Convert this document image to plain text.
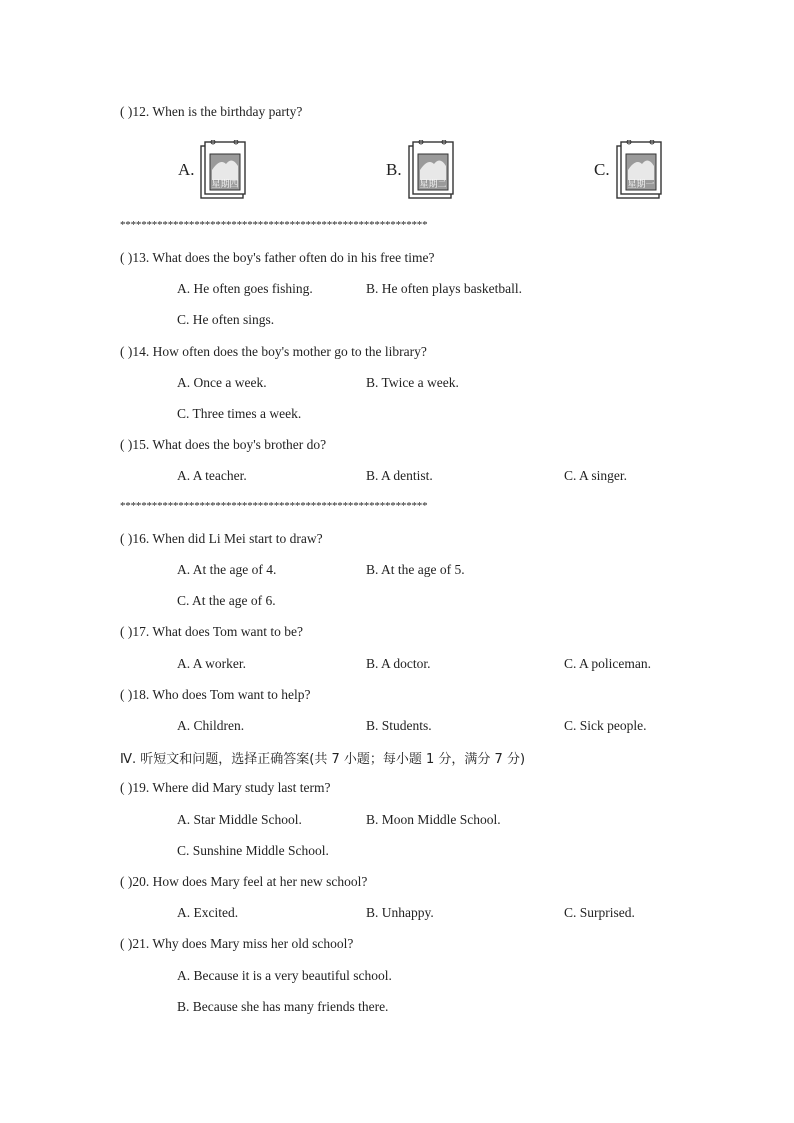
( )12. When is the birthday party?
A.
星期四
B.
星期二
C.
星期一
**********************************************************
( )13. What does the boy's father often do in his free time?
A. He often goes fishing.	B. He often plays basketball.
C. He often sings.
( )14. How often does the boy's mother go to the library?
A. Once a week.	B. Twice a week.
C. Three times a week.
( )15. What does the boy's brother do?
A. A teacher.	B. A dentist.	C. A singer.
**********************************************************
( )16. When did Li Mei start to draw?
A. At the age of 4.	B. At the age of 5.
C. At the age of 6.
( )17. What does Tom want to be?
A. A worker.	B. A doctor.	C. A policeman.
( )18. Who does Tom want to help?
A. Children.	B. Students.	C. Sick people.
Ⅳ. 听短文和问题，选择正确答案(共 7 小题；每小题 1 分，满分 7 分)
( )19. Where did Mary study last term?
A. Star Middle School.	B. Moon Middle School.
C. Sunshine Middle School.
( )20. How does Mary feel at her new school?
A. Excited.	B. Unhappy.	C. Surprised.
( )21. Why does Mary miss her old school?
A. Because it is a very beautiful school.
B. Because she has many friends there.
